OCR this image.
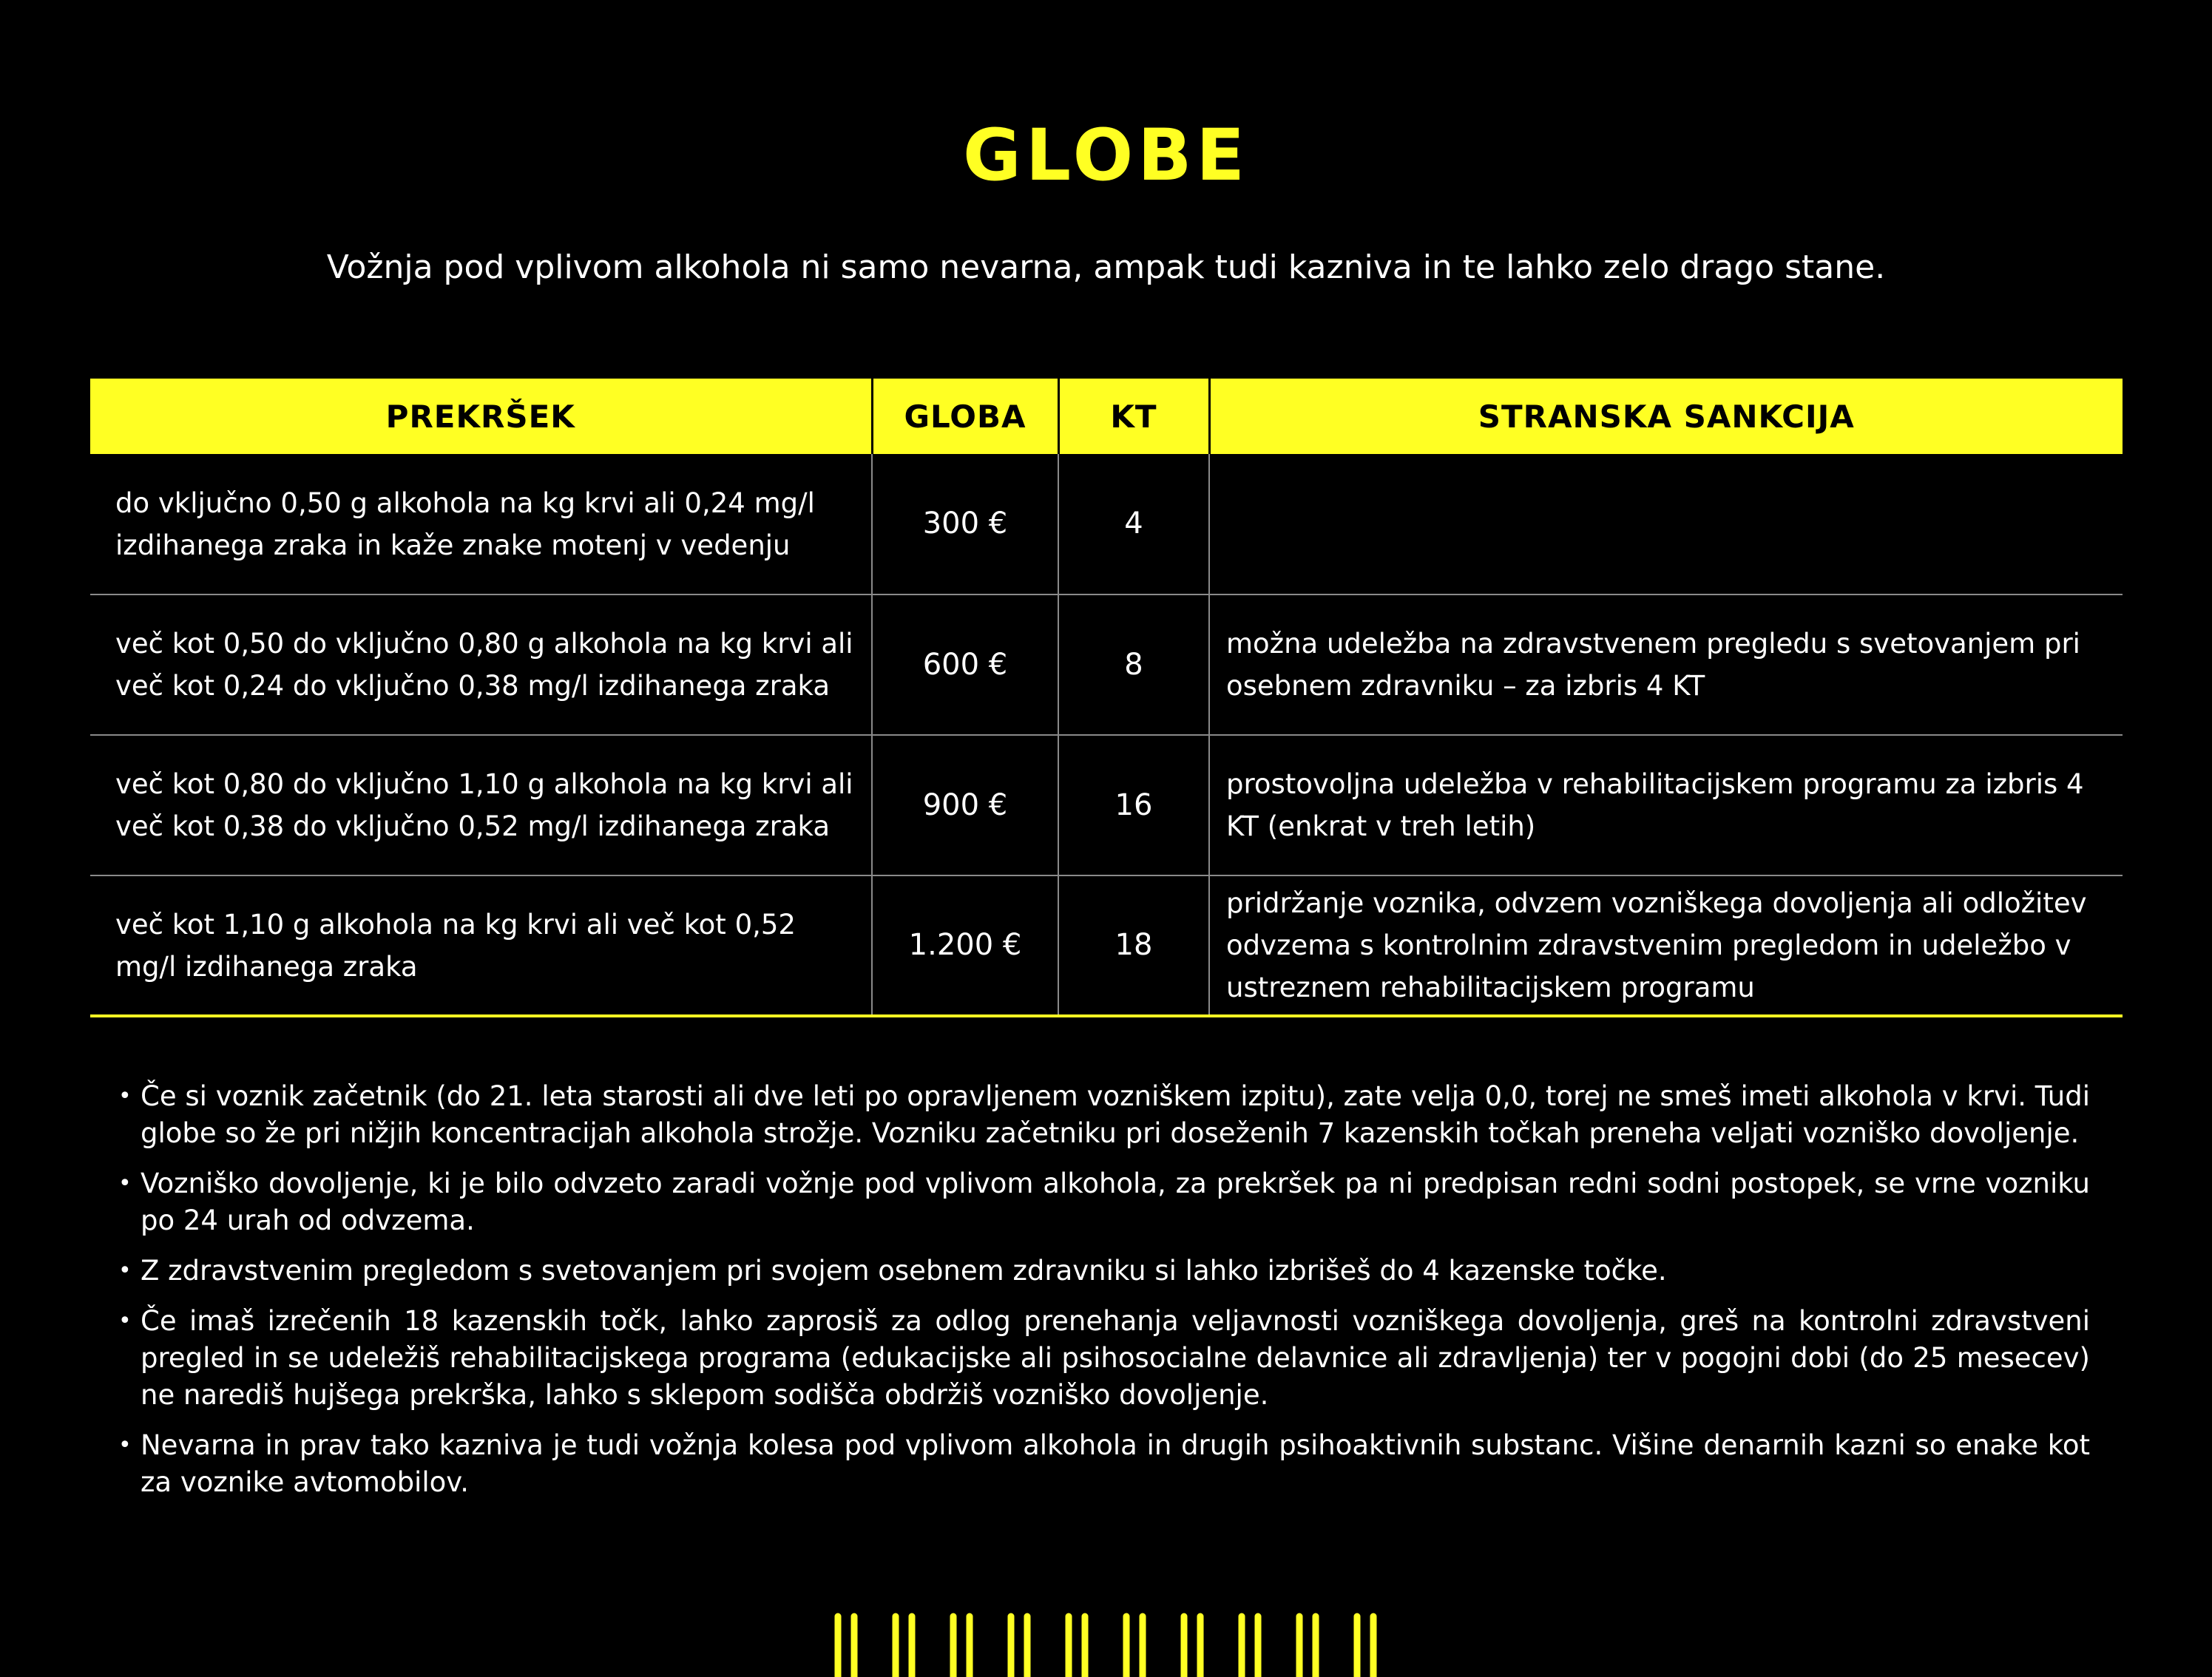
GLOBE
Vožnja pod vplivom alkohola ni samo nevarna, ampak tudi kazniva in te lahko zelo drago stane.
PREKRŠEK	GLOBA	KT	STRANSKA SANKCIJA
do vključno 0,50 g alkohola na kg krvi ali 0,24 mg/l izdihanega zraka in kaže znake motenj v vedenju	300 €	4	
več kot 0,50 do vključno 0,80 g alkohola na kg krvi ali več kot 0,24 do vključno 0,38 mg/l izdihanega zraka	600 €	8	možna udeležba na zdravstvenem pregledu s svetovanjem pri osebnem zdravniku – za izbris 4 KT
več kot 0,80 do vključno 1,10 g alkohola na kg krvi ali več kot 0,38 do vključno 0,52 mg/l izdihanega zraka	900 €	16	prostovoljna udeležba v rehabilitacijskem programu za izbris 4 KT (enkrat v treh letih)
več kot 1,10 g alkohola na kg krvi ali več kot 0,52 mg/l izdihanega zraka	1.200 €	18	pridržanje voznika, odvzem vozniškega dovoljenja ali odložitev odvzema s kontrolnim zdravstvenim pregledom in udeležbo v ustreznem rehabilitacijskem programu
• Če si voznik začetnik (do 21. leta starosti ali dve leti po opravljenem vozniškem izpitu), zate velja 0,0, torej ne smeš imeti alkohola v krvi. Tudi globe so že pri nižjih koncentracijah alkohola strožje. Vozniku začetniku pri doseženih 7 kazenskih točkah preneha veljati vozniško dovoljenje.
• Vozniško dovoljenje, ki je bilo odvzeto zaradi vožnje pod vplivom alkohola, za prekršek pa ni predpisan redni sodni postopek, se vrne vozniku po 24 urah od odvzema.
• Z zdravstvenim pregledom s svetovanjem pri svojem osebnem zdravniku si lahko izbrišeš do 4 kazenske točke.
• Če imaš izrečenih 18 kazenskih točk, lahko zaprosiš za odlog prenehanja veljavnosti vozniškega dovoljenja, greš na kontrolni zdravstveni pregled in se udeležiš rehabilitacijskega programa (edukacijske ali psihosocialne delavnice ali zdravljenja) ter v pogojni dobi (do 25 mesecev) ne narediš hujšega prekrška, lahko s sklepom sodišča obdržiš vozniško dovoljenje.
• Nevarna in prav tako kazniva je tudi vožnja kolesa pod vplivom alkohola in drugih psihoaktivnih substanc. Višine denarnih kazni so enake kot za voznike avtomobilov.
